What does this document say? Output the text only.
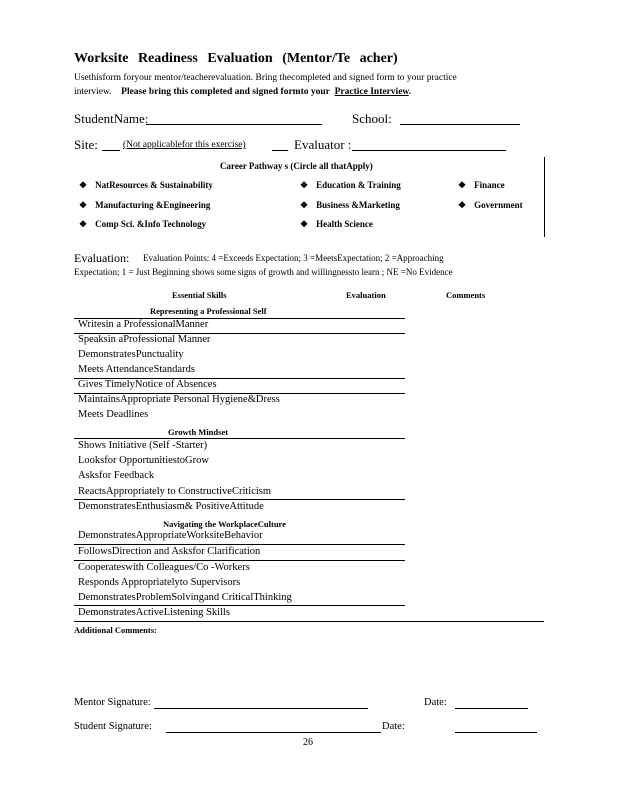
Worksite Readiness Evaluation (Mentor/Te acher)
Usethisform foryour mentor/teacherevaluation. Bring thecompleted and signed form to your practice
interview. Please bring this completed and signed formto your Practice Interview.
StudentName:	School:
Site:	(Not applicablefor this exercise)	Evaluator :
Career Pathway s (Circle all thatApply)
❖ NatResources & Sustainability	❖ Education & Training	❖ Finance
❖ Manufacturing &Engineering	❖ Business &Marketing	❖ Government
❖ Comp Sci. &Info Technology	❖ Health Science
Evaluation: Evaluation Points: 4 =Exceeds Expectation; 3 =MeetsExpectation; 2 =Approaching
Expectation; 1 = Just Beginning shows some signs of growth and willingnessto learn ; NE =No Evidence
Essential Skills
Representing a Professional Self
Evaluation	Comments
Writesin a ProfessionalManner
Speaksin aProfessional Manner
DemonstratesPunctuality
Meets AttendanceStandards
Gives TimelyNotice of Absences
MaintainsAppropriate Personal Hygiene&Dress
Meets Deadlines
Growth Mindset
Shows Initiative (Self -Starter)
Looksfor OpportunitiestoGrow
Asksfor Feedback
ReactsAppropriately to ConstructiveCriticism
DemonstratesEnthusiasm& PositiveAttitude
Navigating the WorkplaceCulture
DemonstratesAppropriateWorksiteBehavior
FollowsDirection and Asksfor Clarification
Cooperateswith Colleagues/Co -Workers
Responds Appropriatelyto Supervisors
DemonstratesProblemSolvingand CriticalThinking
DemonstratesActiveListening Skills
Additional Comments:
Mentor Signature:	Date:
Student Signature:	Date:
26
